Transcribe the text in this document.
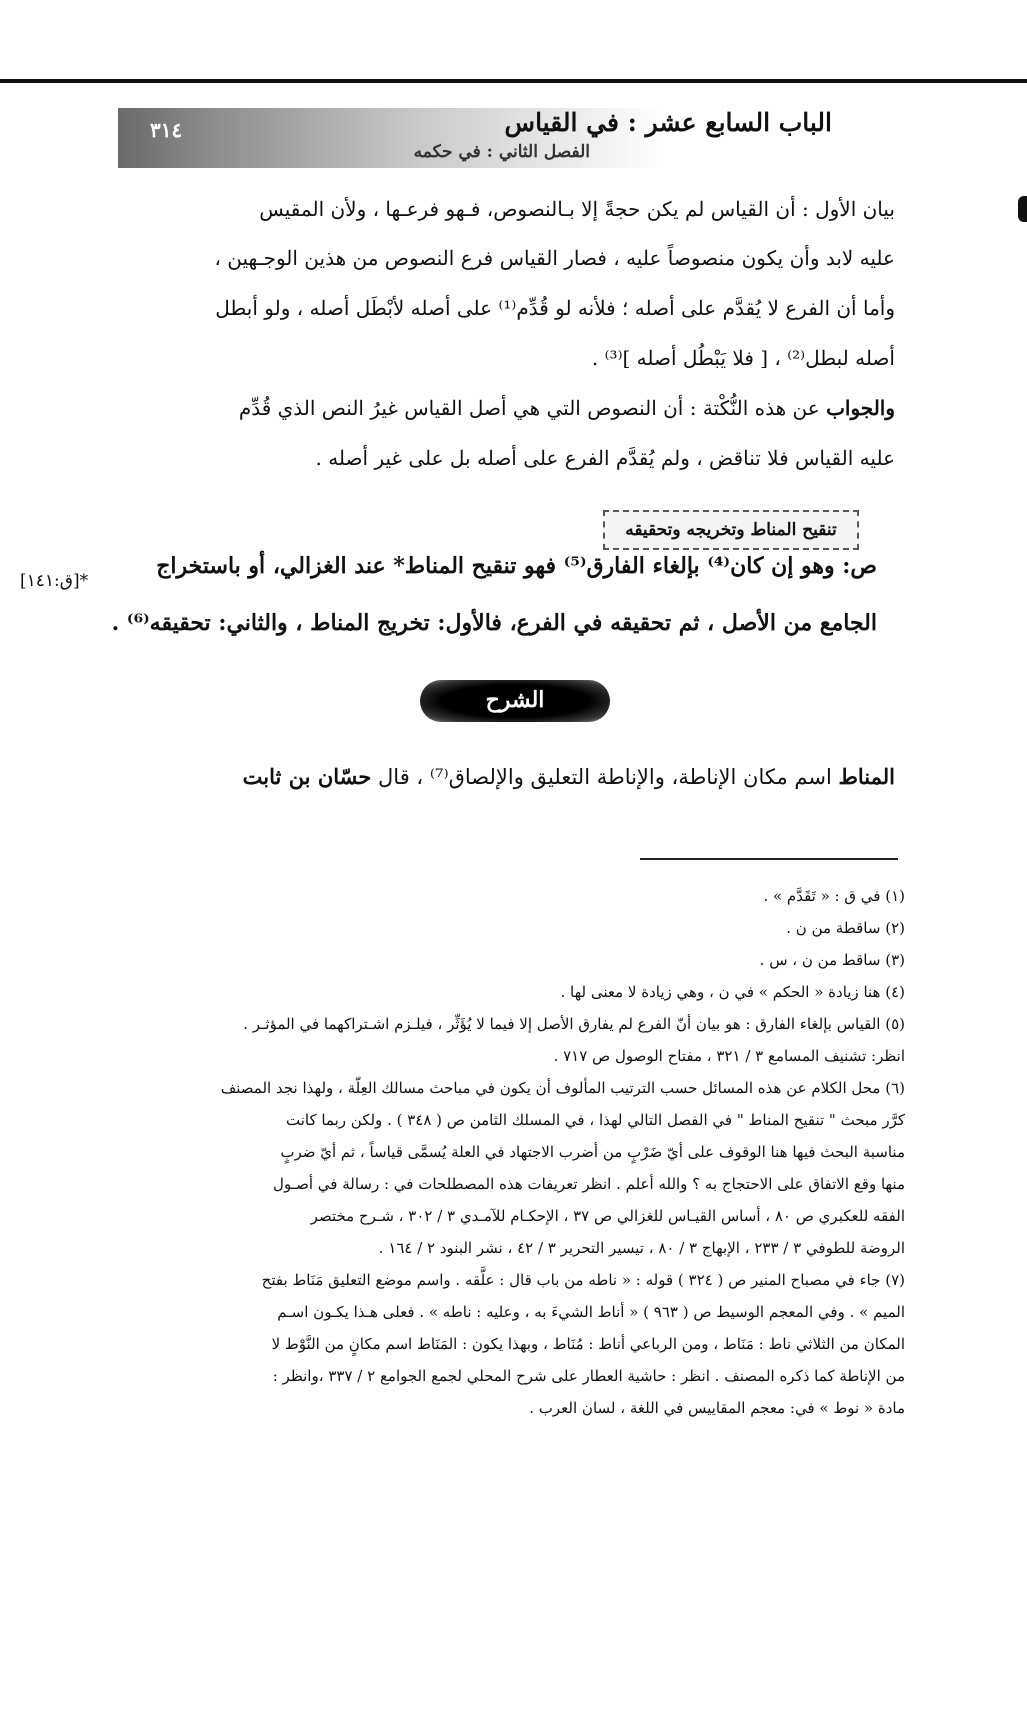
٣١٤	الباب السابع عشر : في القياس
الفصل الثاني : في حكمه
بيان الأول : أن القياس لم يكن حجةً إلا بـالنصوص، فـهو فرعـها ، ولأن المقيس
عليه لابد وأن يكون منصوصاً عليه ، فصار القياس فرع النصوص من هذين الوجـهين ،
وأما أن الفرع لا يُقدَّم على أصله ؛ فلأنه لو قُدِّم⁽¹⁾ على أصله لأبْطَل أصله ، ولو أبطل
أصله لبطل⁽²⁾ ، [ فلا يَبْطُل أصله ]⁽³⁾ .
والجواب عن هذه النُّكْتة : أن النصوص التي هي أصل القياس غيرُ النص الذي قُدِّم
عليه القياس فلا تناقض ، ولم يُقدَّم الفرع على أصله بل على غير أصله .
تنقيح المناط وتخريجه وتحقيقه
ص: وهو إن كان⁽⁴⁾ بإلغاء الفارق⁽⁵⁾ فهو تنقيح المناط* عند الغزالي، أو باستخراج
الجامع من الأصل ، ثم تحقيقه في الفرع، فالأول: تخريج المناط ، والثاني: تحقيقه⁽⁶⁾ .
*[ق:١٤١]
الشرح
المناط اسم مكان الإناطة، والإناطة التعليق والإلصاق⁽⁷⁾ ، قال حسّان بن ثابت
(١) في ق : « تَقَدَّم » .
(٢) ساقطة من ن .
(٣) ساقط من ن ، س .
(٤) هنا زيادة « الحكم » في ن ، وهي زيادة لا معنى لها .
(٥) القياس بإلغاء الفارق : هو بيان أنّ الفرع لم يفارق الأصل إلا فيما لا يُؤَثِّر ، فيلـزم اشـتراكهما في المؤثـر .
انظر: تشنيف المسامع ٣ / ٣٢١ ، مفتاح الوصول ص ٧١٧ .
(٦) محل الكلام عن هذه المسائل حسب الترتيب المألوف أن يكون في مباحث مسالك العِلّة ، ولهذا نجد المصنف
كرَّر مبحث " تنقيح المناط " في الفصل التالي لهذا ، في المسلك الثامن ص ( ٣٤٨ ) . ولكن ربما كانت
مناسبة البحث فيها هنا الوقوف على أيّ ضَرْبٍ من أضرب الاجتهاد في العلة يُسمَّى قياساً ، ثم أيّ ضربٍ
منها وقع الاتفاق على الاحتجاج به ؟ والله أعلم . انظر تعريفات هذه المصطلحات في : رسالة في أصـول
الفقه للعكبري ص ٨٠ ، أساس القيـاس للغزالي ص ٣٧ ، الإحكـام للآمـدي ٣ / ٣٠٢ ، شـرح مختصر
الروضة للطوفي ٣ / ٢٣٣ ، الإبهاج ٣ / ٨٠ ، تيسير التحرير ٣ / ٤٢ ، نشر البنود ٢ / ١٦٤ .
(٧) جاء في مصباح المنير ص ( ٣٢٤ ) قوله : « ناطه من باب قال : علَّقه . واسم موضع التعليق مَنَاط بفتح
الميم » . وفي المعجم الوسيط ص ( ٩٦٣ ) « أناط الشيءَ به ، وعليه : ناطه » . فعلى هـذا يكـون اسـم
المكان من الثلاثي ناط : مَنَاط ، ومن الرباعي أناط : مُنَاط ، وبهذا يكون : المَنَاط اسم مكانٍ من النَّوْط لا
من الإناطة كما ذكره المصنف . انظر : حاشية العطار على شرح المحلي لجمع الجوامع ٢ / ٣٣٧ ،وانظر :
مادة « نوط » في: معجم المقاييس في اللغة ، لسان العرب .
